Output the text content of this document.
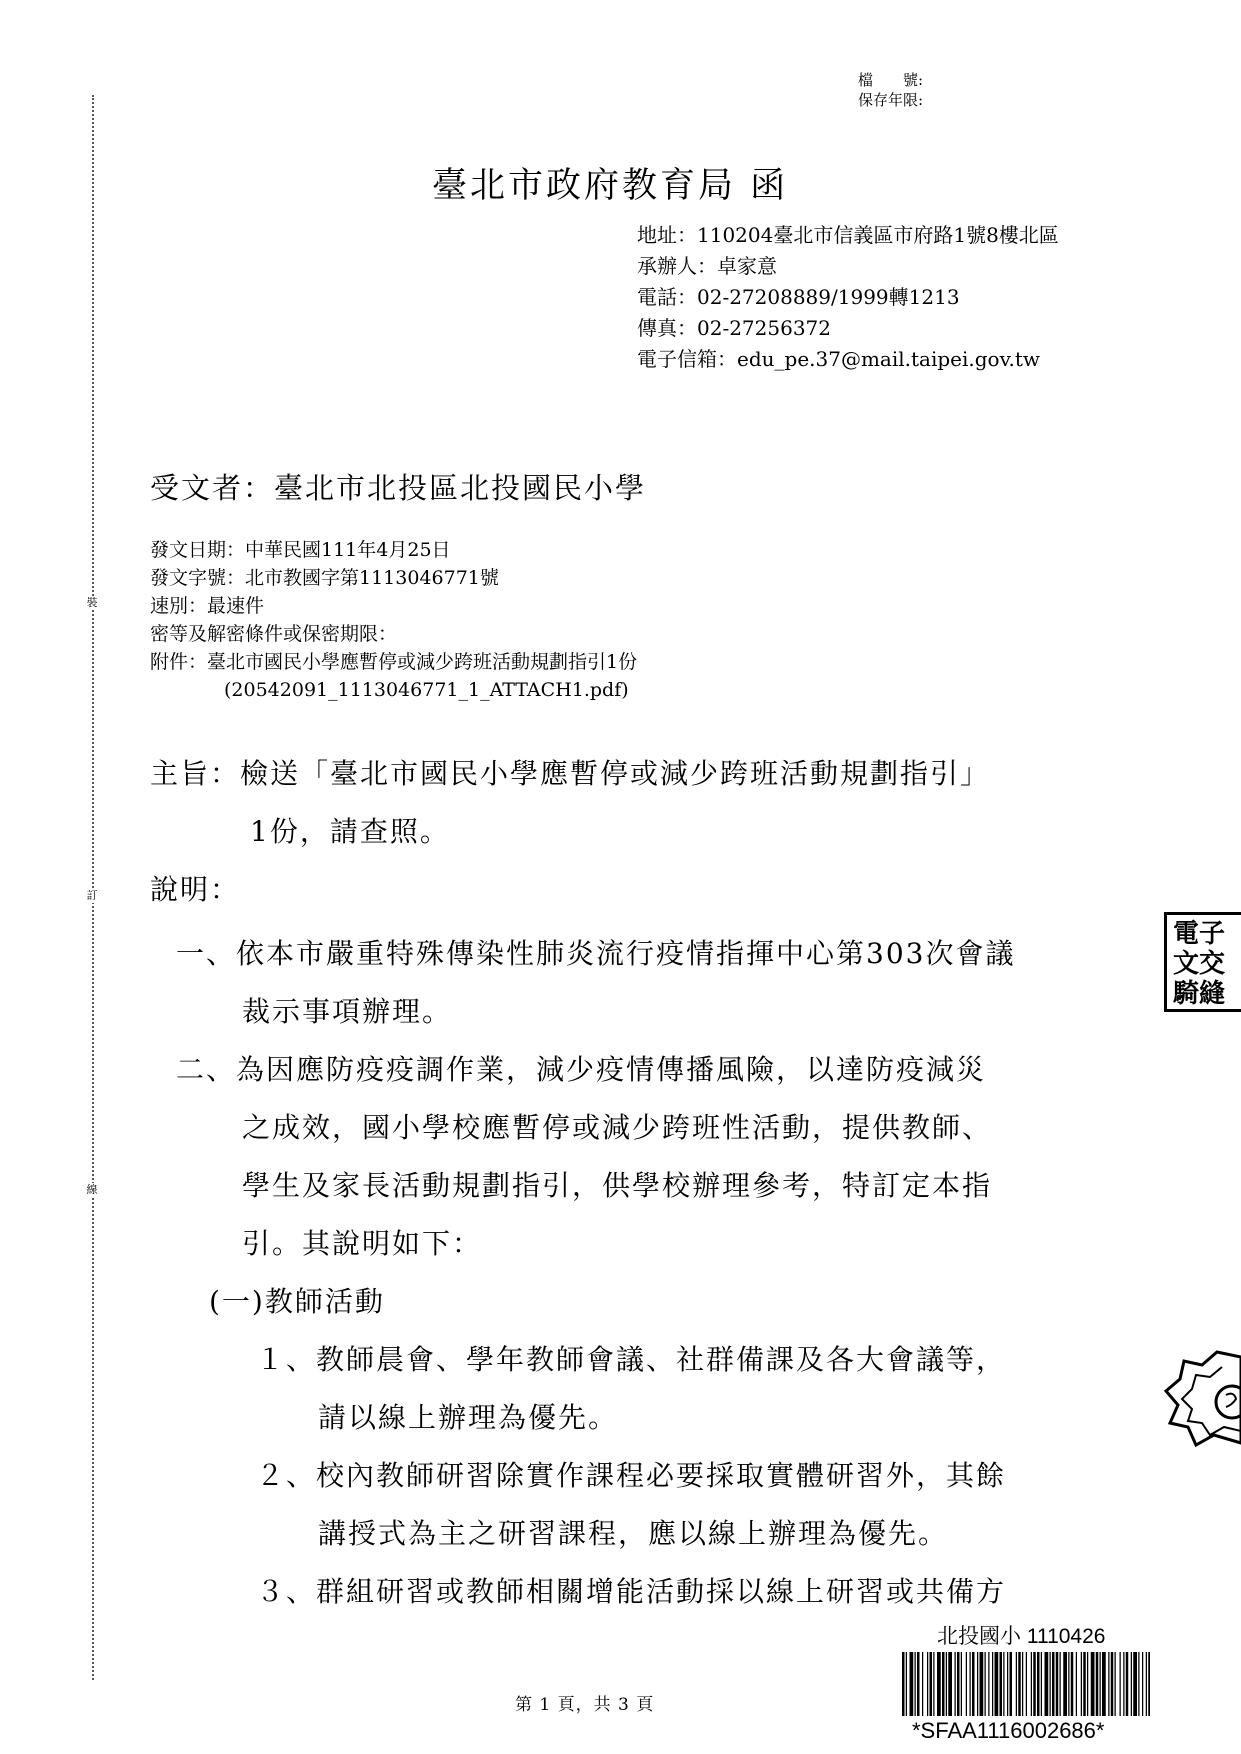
裝
訂
線
檔　　號:
保存年限:
臺北市政府教育局 函
地址：110204臺北市信義區市府路1號8樓北區
承辦人：卓家意
電話：02-27208889/1999轉1213
傳真：02-27256372
電子信箱：edu_pe.37@mail.taipei.gov.tw
受文者：臺北市北投區北投國民小學
發文日期：中華民國111年4月25日
發文字號：北市教國字第1113046771號
速別：最速件
密等及解密條件或保密期限：
附件：臺北市國民小學應暫停或減少跨班活動規劃指引1份
(20542091_1113046771_1_ATTACH1.pdf)
主旨：檢送「臺北市國民小學應暫停或減少跨班活動規劃指引」
1份，請查照。
說明：
一、依本市嚴重特殊傳染性肺炎流行疫情指揮中心第303次會議
裁示事項辦理。
二、為因應防疫疫調作業，減少疫情傳播風險，以達防疫減災
之成效，國小學校應暫停或減少跨班性活動，提供教師、
學生及家長活動規劃指引，供學校辦理參考，特訂定本指
引。其說明如下：
(一)教師活動
１、教師晨會、學年教師會議、社群備課及各大會議等，
請以線上辦理為優先。
２、校內教師研習除實作課程必要採取實體研習外，其餘
講授式為主之研習課程，應以線上辦理為優先。
３、群組研習或教師相關增能活動採以線上研習或共備方
電子
文交
騎縫
北投國小 1110426
*SFAA1116002686*
第 1 頁，共 3 頁
